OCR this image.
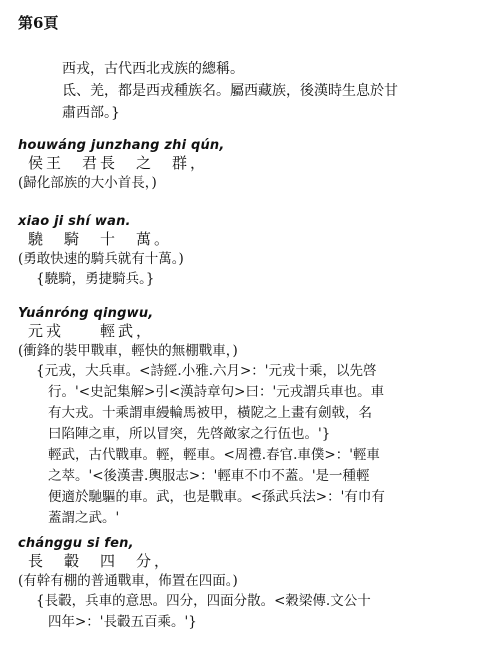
第6頁
西戎，古代西北戎族的總稱。
氐、羌，都是西戎種族名。屬西藏族，後漢時生息於甘
肅西部。}
houwáng junzhang zhi qún,
侯王　君長　之　群，
(歸化部族的大小首長，)
xiao ji shí wan.
驍　騎　十　萬。
(勇敢快速的騎兵就有十萬。)
{驍騎，勇捷騎兵。}
Yuánróng qingwu,
元戎　　輕武，
(衝鋒的裝甲戰車，輕快的無棚戰車，)
{元戎，大兵車。<詩經.小雅.六月>：'元戎十乘，以先啓
行。'<史記集解>引<漢詩章句>曰：'元戎謂兵車也。車
有大戎。十乘謂車縵輪馬被甲，橫阸之上畫有劍戟，名
曰陷陣之車，所以冒突，先啓敵家之行伍也。'}
輕武，古代戰車。輕，輕車。<周禮.春官.車僕>：'輕車
之萃。'<後漢書.輿服志>：'輕車不巾不蓋。'是一種輕
便適於馳驅的車。武，也是戰車。<孫武兵法>：'有巾有
蓋謂之武。'
chánggu si fen,
長　轂　四　分，
(有幹有棚的普通戰車，佈置在四面。)
{長轂，兵車的意思。四分，四面分散。<穀梁傳.文公十
四年>：'長轂五百乘。'}
